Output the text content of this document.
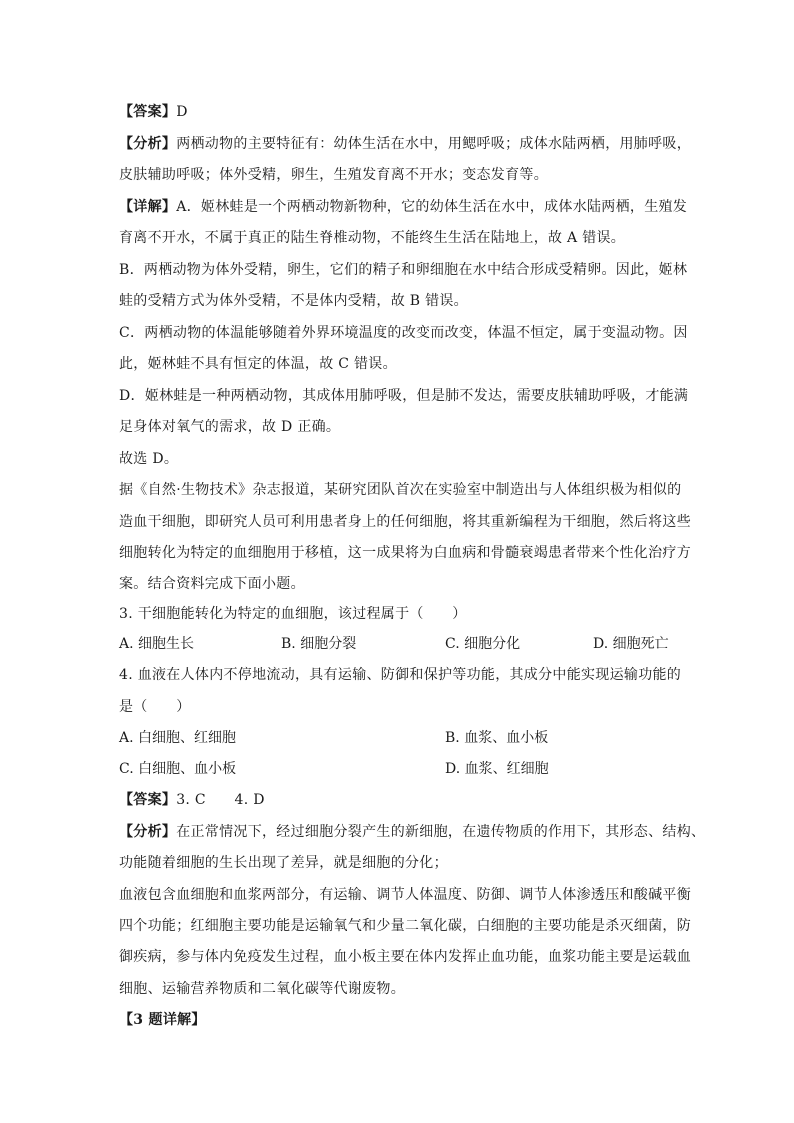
【答案】D
【分析】两栖动物的主要特征有：幼体生活在水中，用鳃呼吸；成体水陆两栖，用肺呼吸，
皮肤辅助呼吸；体外受精，卵生，生殖发育离不开水；变态发育等。
【详解】A．姬林蛙是一个两栖动物新物种，它的幼体生活在水中，成体水陆两栖，生殖发
育离不开水，不属于真正的陆生脊椎动物，不能终生生活在陆地上，故 A 错误。
B．两栖动物为体外受精，卵生，它们的精子和卵细胞在水中结合形成受精卵。因此，姬林
蛙的受精方式为体外受精，不是体内受精，故 B 错误。
C．两栖动物的体温能够随着外界环境温度的改变而改变，体温不恒定，属于变温动物。因
此，姬林蛙不具有恒定的体温，故 C 错误。
D．姬林蛙是一种两栖动物，其成体用肺呼吸，但是肺不发达，需要皮肤辅助呼吸，才能满
足身体对氧气的需求，故 D 正确。
故选 D。
据《自然·生物技术》杂志报道，某研究团队首次在实验室中制造出与人体组织极为相似的
造血干细胞，即研究人员可利用患者身上的任何细胞，将其重新编程为干细胞，然后将这些
细胞转化为特定的血细胞用于移植，这一成果将为白血病和骨髓衰竭患者带来个性化治疗方
案。结合资料完成下面小题。
3. 干细胞能转化为特定的血细胞，该过程属于（　　）
A. 细胞生长	B. 细胞分裂	C. 细胞分化	D. 细胞死亡
4. 血液在人体内不停地流动，具有运输、防御和保护等功能，其成分中能实现运输功能的
是（　　）
A. 白细胞、红细胞	B. 血浆、血小板
C. 白细胞、血小板	D. 血浆、红细胞
【答案】3. C　　4. D
【分析】在正常情况下，经过细胞分裂产生的新细胞，在遗传物质的作用下，其形态、结构、
功能随着细胞的生长出现了差异，就是细胞的分化；
血液包含血细胞和血浆两部分，有运输、调节人体温度、防御、调节人体渗透压和酸碱平衡
四个功能；红细胞主要功能是运输氧气和少量二氧化碳，白细胞的主要功能是杀灭细菌，防
御疾病，参与体内免疫发生过程，血小板主要在体内发挥止血功能，血浆功能主要是运载血
细胞、运输营养物质和二氧化碳等代谢废物。
【3 题详解】
